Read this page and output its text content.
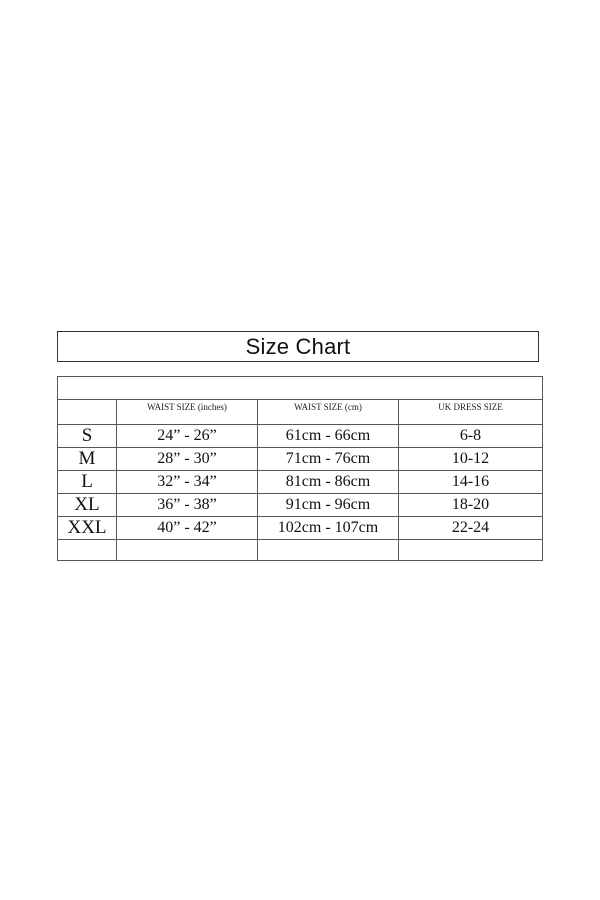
Size Chart

	WAIST SIZE (inches)	WAIST SIZE (cm)	UK DRESS SIZE
S	24” - 26”	61cm - 66cm	6-8
M	28” - 30”	71cm - 76cm	10-12
L	32” - 34”	81cm - 86cm	14-16
XL	36” - 38”	91cm - 96cm	18-20
XXL	40” - 42”	102cm - 107cm	22-24
